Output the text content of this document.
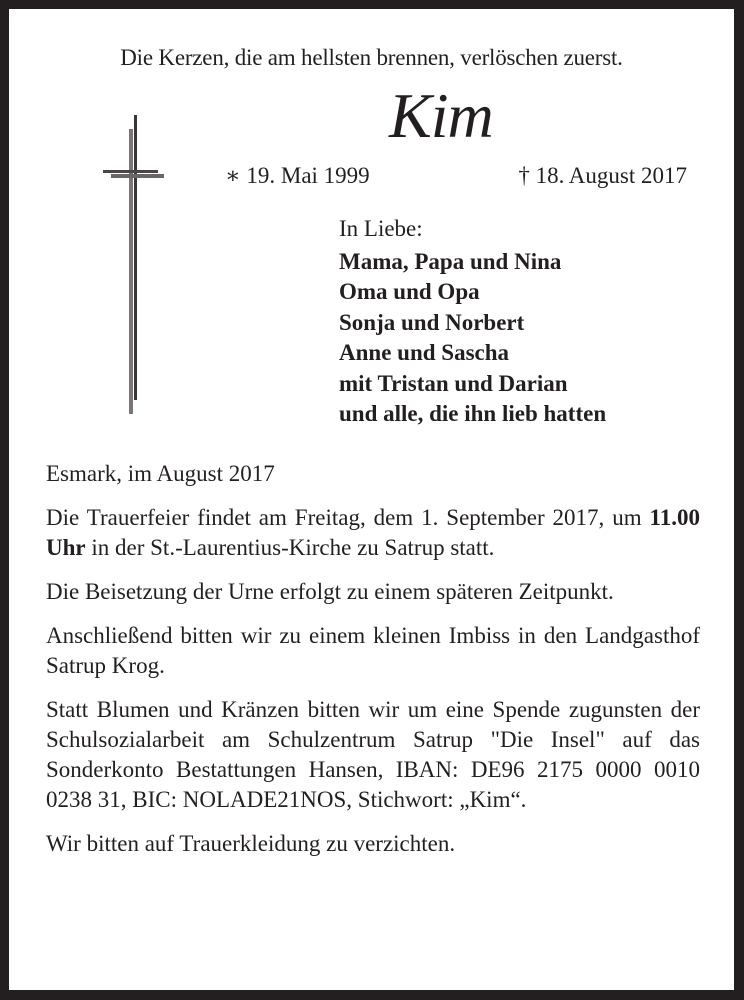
Die Kerzen, die am hellsten brennen, verlöschen zuerst.
Kim
∗ 19. Mai 1999	† 18. August 2017
In Liebe:
Mama, Papa und Nina
Oma und Opa
Sonja und Norbert
Anne und Sascha
mit Tristan und Darian
und alle, die ihn lieb hatten

Esmark, im August 2017

Die Trauerfeier findet am Freitag, dem 1. September 2017, um 11.00 Uhr in der St.-Laurentius-Kirche zu Satrup statt.

Die Beisetzung der Urne erfolgt zu einem späteren Zeitpunkt.

Anschließend bitten wir zu einem kleinen Imbiss in den Landgasthof Satrup Krog.

Statt Blumen und Kränzen bitten wir um eine Spende zugunsten der Schulsozialarbeit am Schulzentrum Satrup "Die Insel" auf das Sonderkonto Bestattungen Hansen, IBAN: DE96 2175 0000 0010 0238 31, BIC: NOLADE21NOS, Stichwort: „Kim“.

Wir bitten auf Trauerkleidung zu verzichten.
